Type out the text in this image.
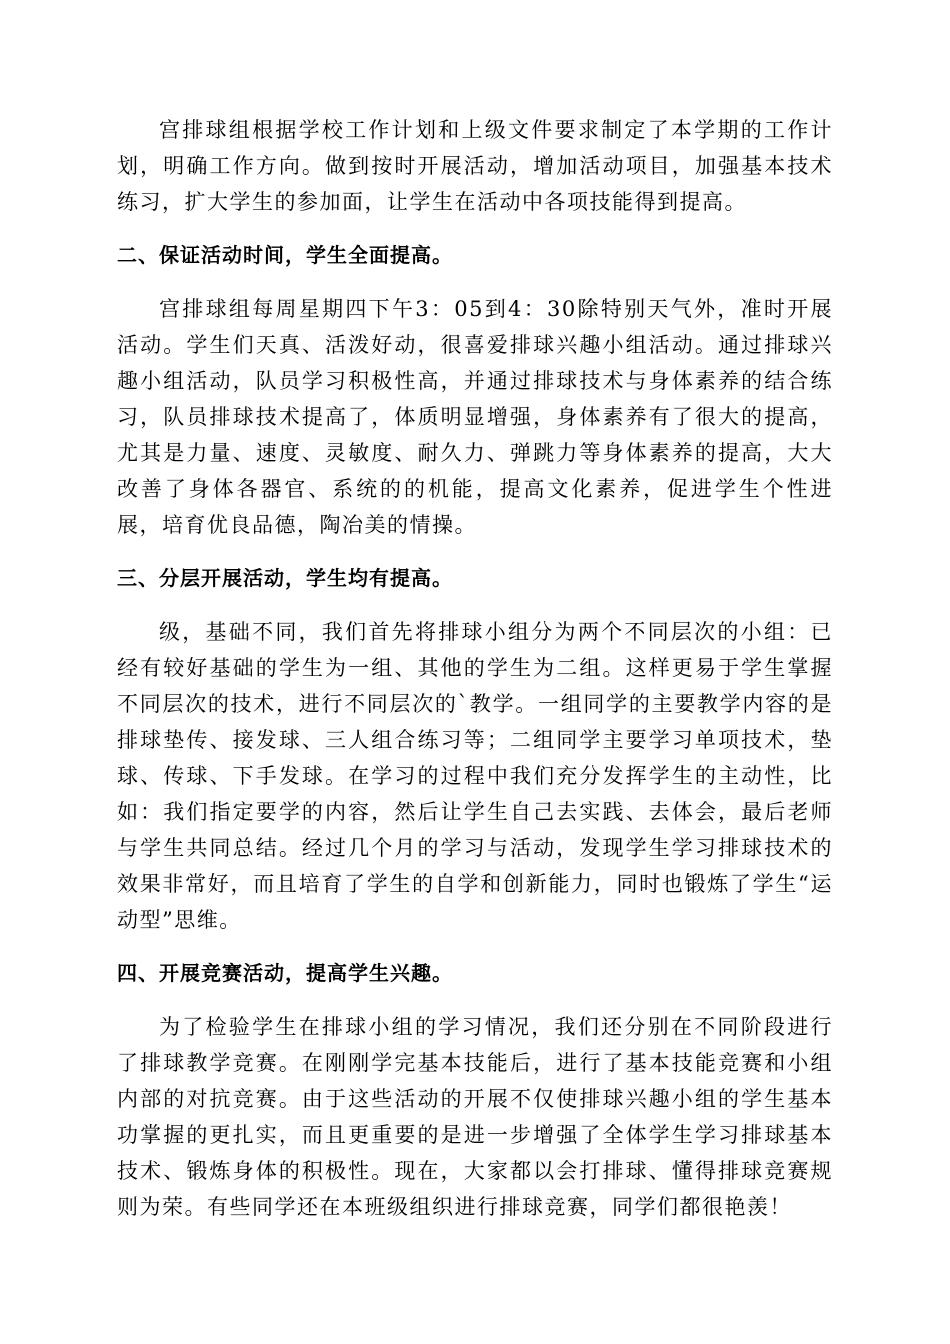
宫排球组根据学校工作计划和上级文件要求制定了本学期的工作计划，明确工作方向。做到按时开展活动，增加活动项目，加强基本技术练习，扩大学生的参加面，让学生在活动中各项技能得到提高。

二、保证活动时间，学生全面提高。

宫排球组每周星期四下午3：05到4：30除特别天气外，准时开展活动。学生们天真、活泼好动，很喜爱排球兴趣小组活动。通过排球兴趣小组活动，队员学习积极性高，并通过排球技术与身体素养的结合练习，队员排球技术提高了，体质明显增强，身体素养有了很大的提高，尤其是力量、速度、灵敏度、耐久力、弹跳力等身体素养的提高，大大改善了身体各器官、系统的的机能，提高文化素养，促进学生个性进展，培育优良品德，陶冶美的情操。

三、分层开展活动，学生均有提高。

级，基础不同，我们首先将排球小组分为两个不同层次的小组：已经有较好基础的学生为一组、其他的学生为二组。这样更易于学生掌握不同层次的技术，进行不同层次的`教学。一组同学的主要教学内容的是排球垫传、接发球、三人组合练习等；二组同学主要学习单项技术，垫球、传球、下手发球。在学习的过程中我们充分发挥学生的主动性，比如：我们指定要学的内容，然后让学生自己去实践、去体会，最后老师与学生共同总结。经过几个月的学习与活动，发现学生学习排球技术的效果非常好，而且培育了学生的自学和创新能力，同时也锻炼了学生“运动型”思维。

四、开展竞赛活动，提高学生兴趣。

为了检验学生在排球小组的学习情况，我们还分别在不同阶段进行了排球教学竞赛。在刚刚学完基本技能后，进行了基本技能竞赛和小组内部的对抗竞赛。由于这些活动的开展不仅使排球兴趣小组的学生基本功掌握的更扎实，而且更重要的是进一步增强了全体学生学习排球基本技术、锻炼身体的积极性。现在，大家都以会打排球、懂得排球竞赛规则为荣。有些同学还在本班级组织进行排球竞赛，同学们都很艳羡！
